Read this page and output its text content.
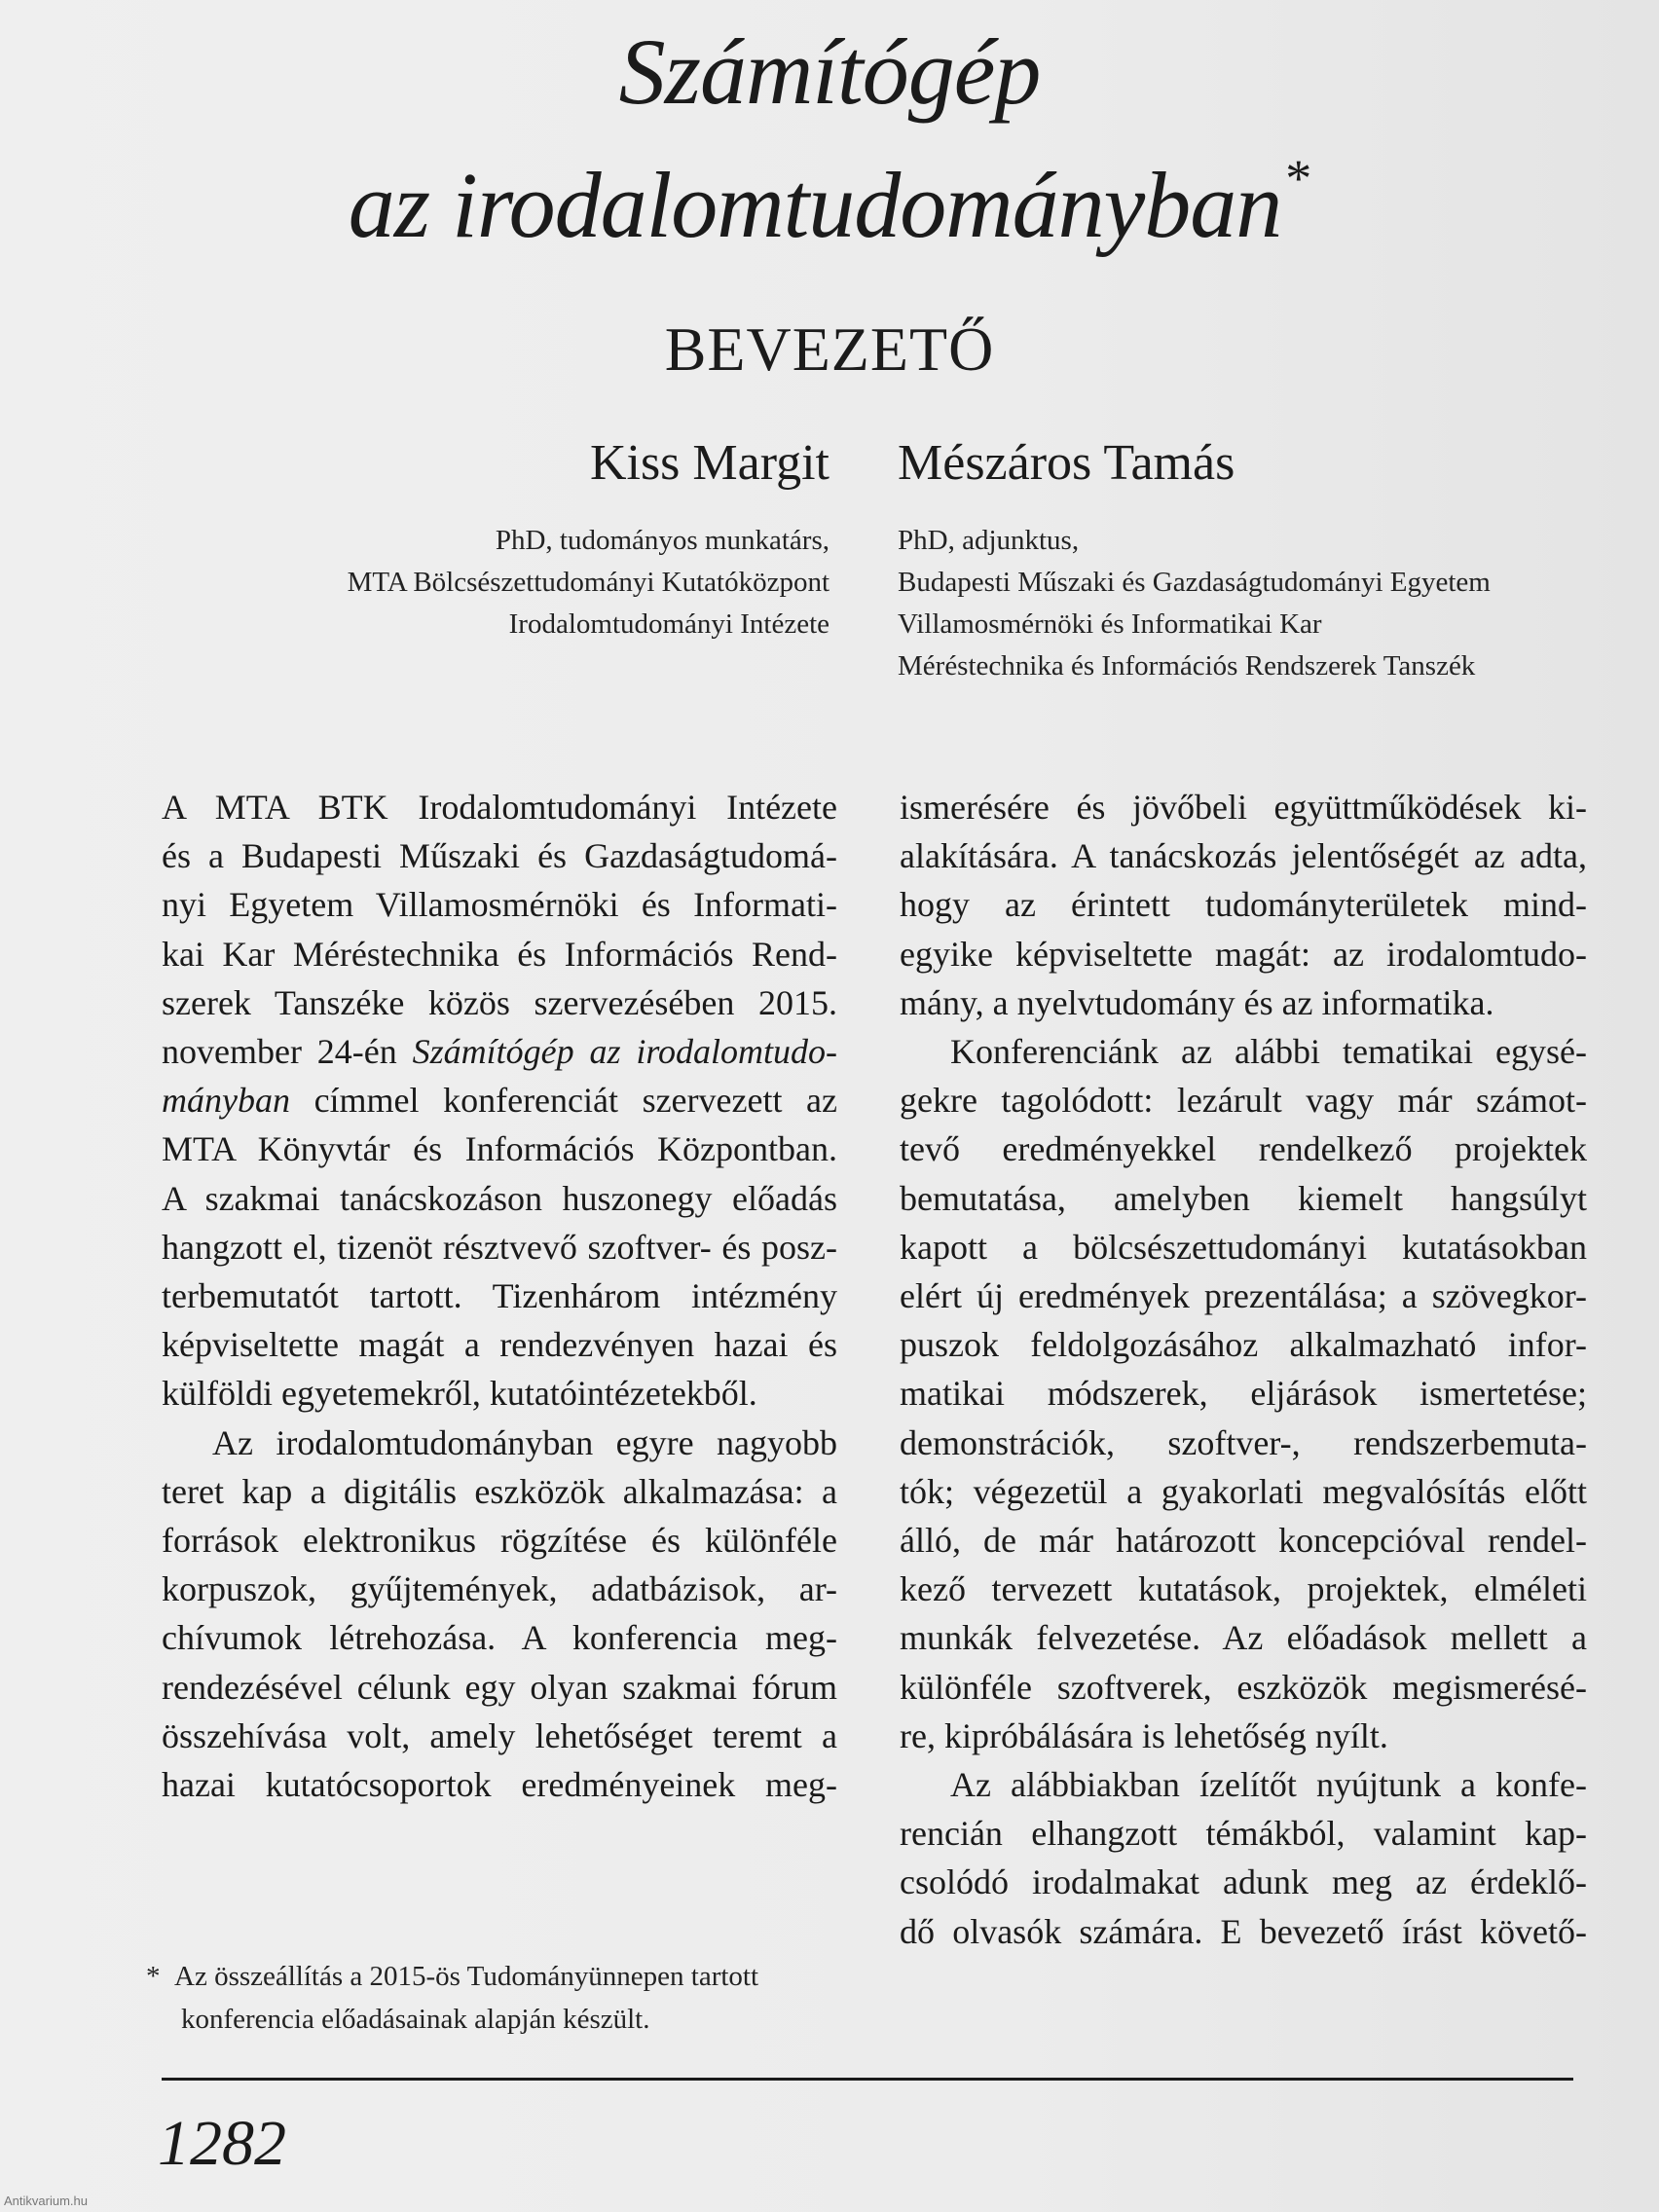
Számítógép
az irodalomtudományban*
BEVEZETŐ
Kiss Margit Mészáros Tamás
PhD, tudományos munkatárs,
MTA Bölcsészettudományi Kutatóközpont
Irodalomtudományi Intézete
PhD, adjunktus,
Budapesti Műszaki és Gazdaságtudományi Egyetem
Villamosmérnöki és Informatikai Kar
Méréstechnika és Információs Rendszerek Tanszék

A MTA BTK Irodalomtudományi Intézete
és a Budapesti Műszaki és Gazdaságtudomá-
nyi Egyetem Villamosmérnöki és Informati-
kai Kar Méréstechnika és Információs Rend-
szerek Tanszéke közös szervezésében 2015.
november 24-én Számítógép az irodalomtudo-
mányban címmel konferenciát szervezett az
MTA Könyvtár és Információs Központban.
A szakmai tanácskozáson huszonegy előadás
hangzott el, tizenöt résztvevő szoftver- és posz-
terbemutatót tartott. Tizenhárom intézmény
képviseltette magát a rendezvényen hazai és
külföldi egyetemekről, kutatóintézetekből.

Az irodalomtudományban egyre nagyobb
teret kap a digitális eszközök alkalmazása: a
források elektronikus rögzítése és különféle
korpuszok, gyűjtemények, adatbázisok, ar-
chívumok létrehozása. A konferencia meg-
rendezésével célunk egy olyan szakmai fórum
összehívása volt, amely lehetőséget teremt a
hazai kutatócsoportok eredményeinek meg-

ismerésére és jövőbeli együttműködések ki-
alakítására. A tanácskozás jelentőségét az adta,
hogy az érintett tudományterületek mind-
egyike képviseltette magát: az irodalomtudo-
mány, a nyelvtudomány és az informatika.

Konferenciánk az alábbi tematikai egysé-
gekre tagolódott: lezárult vagy már számot-
tevő eredményekkel rendelkező projektek
bemutatása, amelyben kiemelt hangsúlyt
kapott a bölcsészettudományi kutatásokban
elért új eredmények prezentálása; a szövegkor-
puszok feldolgozásához alkalmazható infor-
matikai módszerek, eljárások ismertetése;
demonstrációk, szoftver-, rendszerbemuta-
tók; végezetül a gyakorlati megvalósítás előtt
álló, de már határozott koncepcióval rendel-
kező tervezett kutatások, projektek, elméleti
munkák felvezetése. Az előadások mellett a
különféle szoftverek, eszközök megismerésé-
re, kipróbálására is lehetőség nyílt.

Az alábbiakban ízelítőt nyújtunk a konfe-
rencián elhangzott témákból, valamint kap-
csolódó irodalmakat adunk meg az érdeklő-
dő olvasók számára. E bevezető írást követő-

* Az összeállítás a 2015-ös Tudományünnepen tartott
konferencia előadásainak alapján készült.
1282
Antikvarium.hu
